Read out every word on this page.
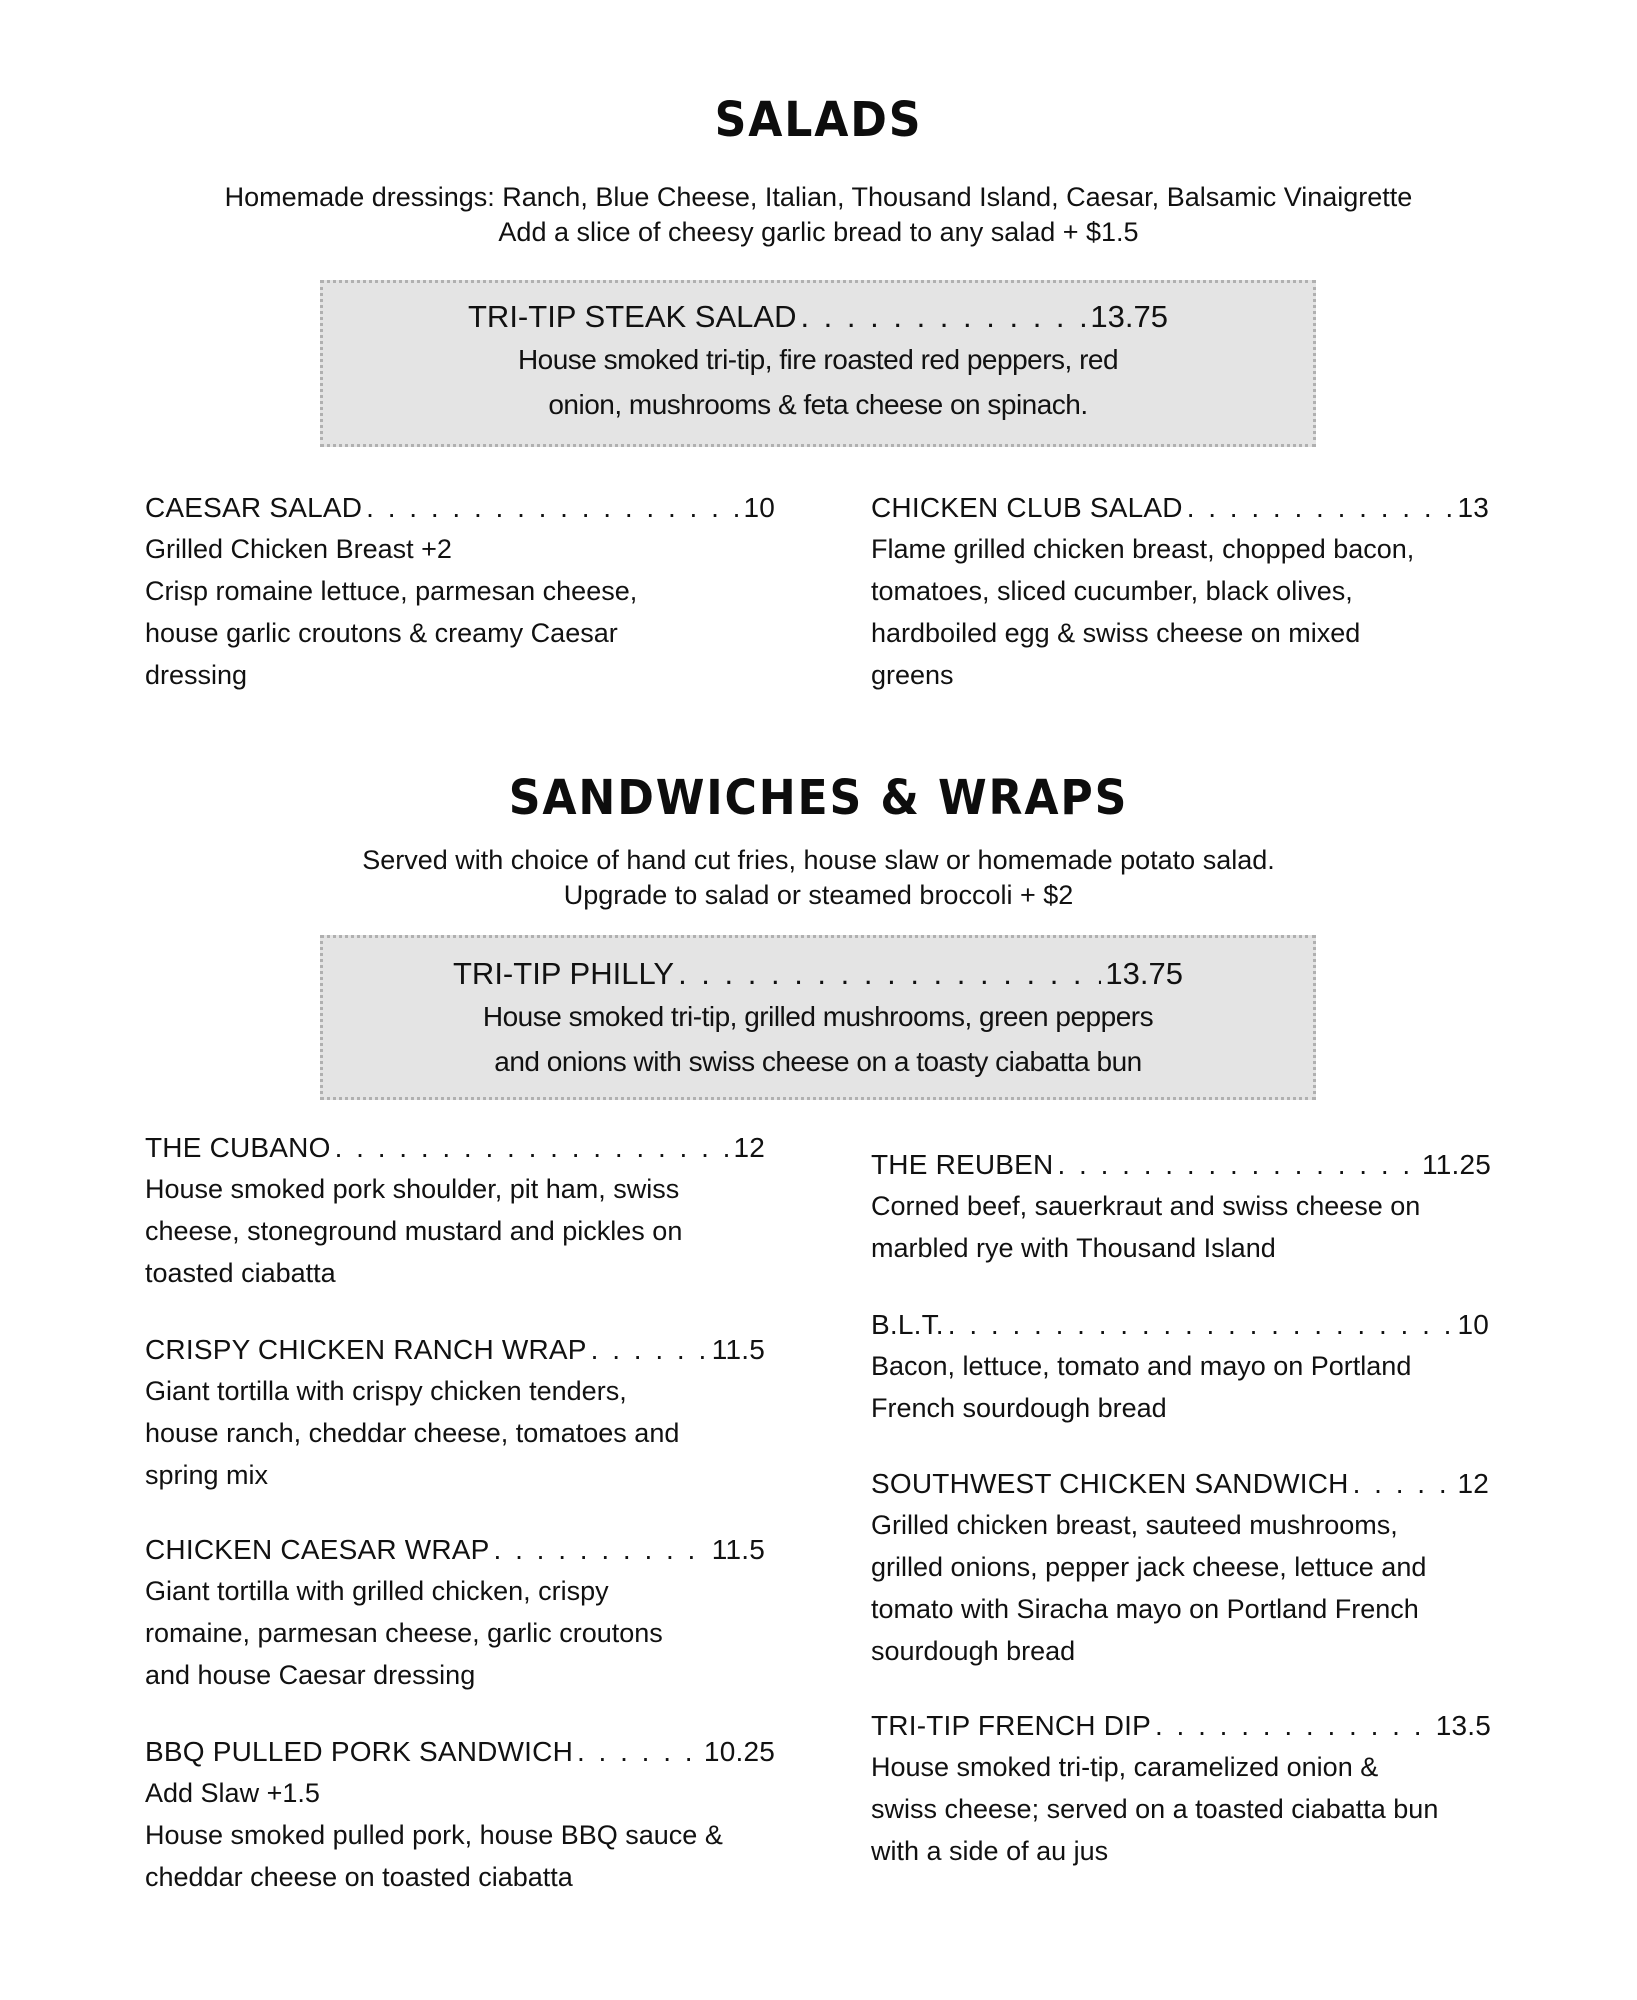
SALADS
Homemade dressings: Ranch, Blue Cheese, Italian, Thousand Island, Caesar, Balsamic Vinaigrette
Add a slice of cheesy garlic bread to any salad + $1.5
TRI-TIP STEAK SALAD . . .	13.75
House smoked tri-tip, fire roasted red peppers, red
onion, mushrooms & feta cheese on spinach.
CAESAR SALAD . . .	10
Grilled Chicken Breast +2
Crisp romaine lettuce, parmesan cheese,
house garlic croutons & creamy Caesar
dressing
CHICKEN CLUB SALAD . . .	13
Flame grilled chicken breast, chopped bacon,
tomatoes, sliced cucumber, black olives,
hardboiled egg & swiss cheese on mixed
greens
SANDWICHES & WRAPS
Served with choice of hand cut fries, house slaw or homemade potato salad.
Upgrade to salad or steamed broccoli + $2
TRI-TIP PHILLY . . .	13.75
House smoked tri-tip, grilled mushrooms, green peppers
and onions with swiss cheese on a toasty ciabatta bun
THE CUBANO . . .	12
House smoked pork shoulder, pit ham, swiss
cheese, stoneground mustard and pickles on
toasted ciabatta
CRISPY CHICKEN RANCH WRAP . . .	11.5
Giant tortilla with crispy chicken tenders,
house ranch, cheddar cheese, tomatoes and
spring mix
CHICKEN CAESAR WRAP . . .	11.5
Giant tortilla with grilled chicken, crispy
romaine, parmesan cheese, garlic croutons
and house Caesar dressing
BBQ PULLED PORK SANDWICH . . .	10.25
Add Slaw +1.5
House smoked pulled pork, house BBQ sauce &
cheddar cheese on toasted ciabatta
THE REUBEN . . .	11.25
Corned beef, sauerkraut and swiss cheese on
marbled rye with Thousand Island
B.L.T. . . .	10
Bacon, lettuce, tomato and mayo on Portland
French sourdough bread
SOUTHWEST CHICKEN SANDWICH . . .	12
Grilled chicken breast, sauteed mushrooms,
grilled onions, pepper jack cheese, lettuce and
tomato with Siracha mayo on Portland French
sourdough bread
TRI-TIP FRENCH DIP . . .	13.5
House smoked tri-tip, caramelized onion &
swiss cheese; served on a toasted ciabatta bun
with a side of au jus
